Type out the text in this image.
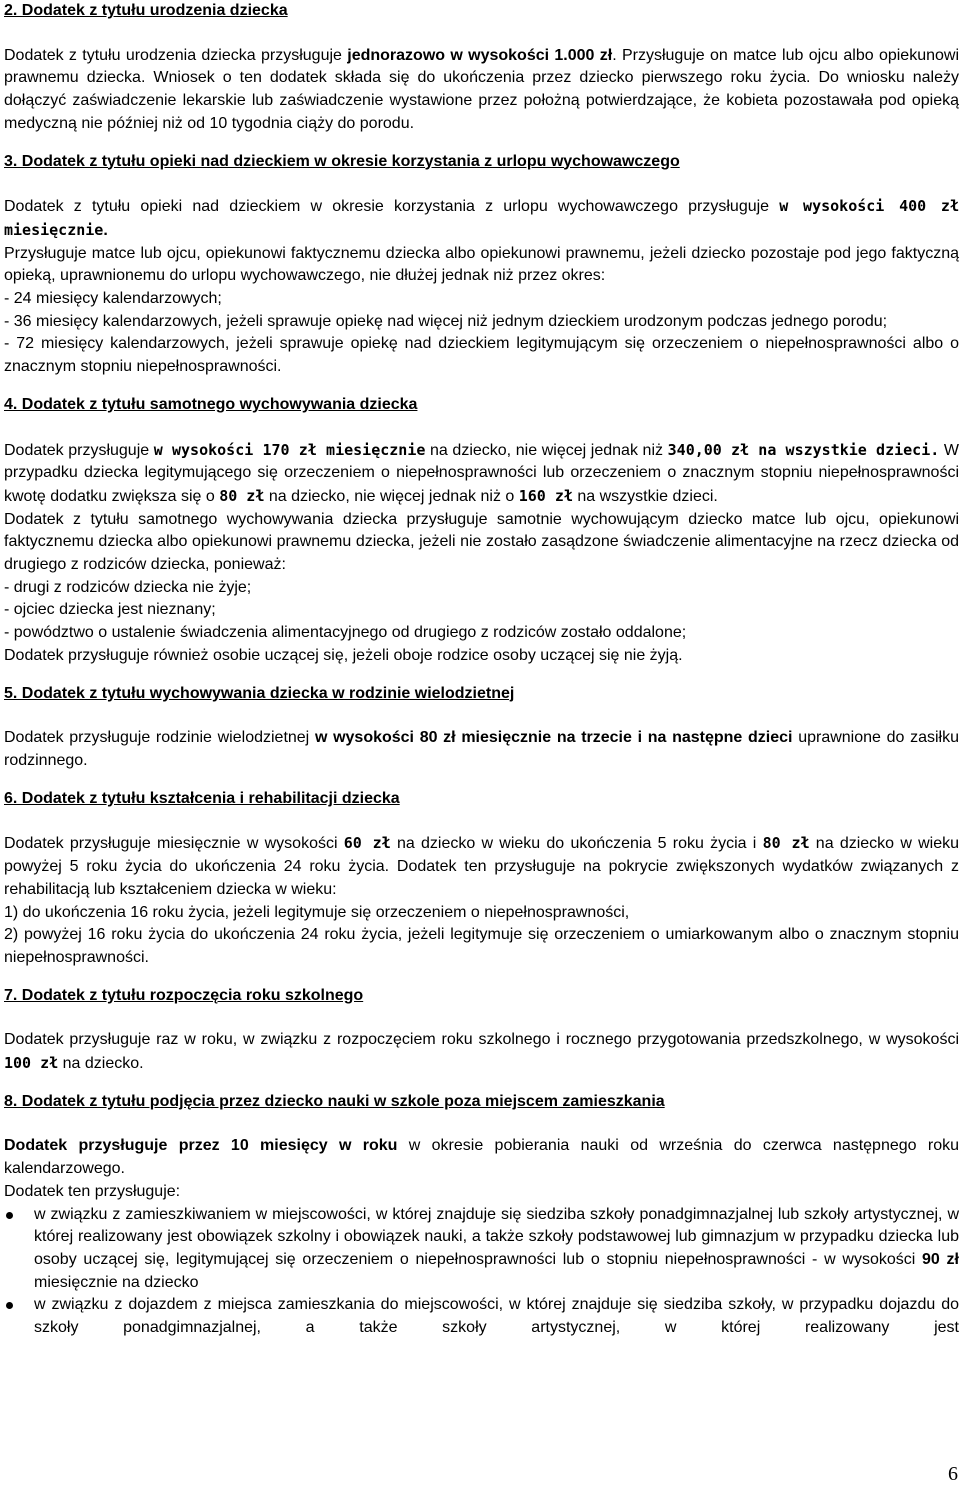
2. Dodatek z tytułu urodzenia dziecka

Dodatek z tytułu urodzenia dziecka przysługuje jednorazowo w wysokości 1.000 zł. Przysługuje on matce lub ojcu albo opiekunowi prawnemu dziecka. Wniosek o ten dodatek składa się do ukończenia przez dziecko pierwszego roku życia. Do wniosku należy dołączyć zaświadczenie lekarskie lub zaświadczenie wystawione przez położną potwierdzające, że kobieta pozostawała pod opieką medyczną nie później niż od 10 tygodnia ciąży do porodu.

3. Dodatek z tytułu opieki nad dzieckiem w okresie korzystania z urlopu wychowawczego

Dodatek z tytułu opieki nad dzieckiem w okresie korzystania z urlopu wychowawczego przysługuje w wysokości 400 zł miesięcznie.

Przysługuje matce lub ojcu, opiekunowi faktycznemu dziecka albo opiekunowi prawnemu, jeżeli dziecko pozostaje pod jego faktyczną opieką, uprawnionemu do urlopu wychowawczego, nie dłużej jednak niż przez okres:

- 24 miesięcy kalendarzowych;

- 36 miesięcy kalendarzowych, jeżeli sprawuje opiekę nad więcej niż jednym dzieckiem urodzonym podczas jednego porodu;

- 72 miesięcy kalendarzowych, jeżeli sprawuje opiekę nad dzieckiem legitymującym się orzeczeniem o niepełnosprawności albo o znacznym stopniu niepełnosprawności.

4. Dodatek z tytułu samotnego wychowywania dziecka

Dodatek przysługuje w wysokości 170 zł miesięcznie na dziecko, nie więcej jednak niż 340,00 zł na wszystkie dzieci. W przypadku dziecka legitymującego się orzeczeniem o niepełnosprawności lub orzeczeniem o znacznym stopniu niepełnosprawności kwotę dodatku zwiększa się o 80 zł na dziecko, nie więcej jednak niż o 160 zł na wszystkie dzieci.

Dodatek z tytułu samotnego wychowywania dziecka przysługuje samotnie wychowującym dziecko matce lub ojcu, opiekunowi faktycznemu dziecka albo opiekunowi prawnemu dziecka, jeżeli nie zostało zasądzone świadczenie alimentacyjne na rzecz dziecka od drugiego z rodziców dziecka, ponieważ:

- drugi z rodziców dziecka nie żyje;

- ojciec dziecka jest nieznany;

- powództwo o ustalenie świadczenia alimentacyjnego od drugiego z rodziców zostało oddalone;

Dodatek przysługuje również osobie uczącej się, jeżeli oboje rodzice osoby uczącej się nie żyją.

5. Dodatek z tytułu wychowywania dziecka w rodzinie wielodzietnej

Dodatek przysługuje rodzinie wielodzietnej w wysokości 80 zł miesięcznie na trzecie i na następne dzieci uprawnione do zasiłku rodzinnego.

6. Dodatek z tytułu kształcenia i rehabilitacji dziecka

Dodatek przysługuje miesięcznie w wysokości 60 zł na dziecko w wieku do ukończenia 5 roku życia i 80 zł na dziecko w wieku powyżej 5 roku życia do ukończenia 24 roku życia. Dodatek ten przysługuje na pokrycie zwiększonych wydatków związanych z rehabilitacją lub kształceniem dziecka w wieku:

1) do ukończenia 16 roku życia, jeżeli legitymuje się orzeczeniem o niepełnosprawności,

2) powyżej 16 roku życia do ukończenia 24 roku życia, jeżeli legitymuje się orzeczeniem o umiarkowanym albo o znacznym stopniu niepełnosprawności.

7. Dodatek z tytułu rozpoczęcia roku szkolnego

Dodatek przysługuje raz w roku, w związku z rozpoczęciem roku szkolnego i rocznego przygotowania przedszkolnego, w wysokości 100 zł na dziecko.

8. Dodatek z tytułu podjęcia przez dziecko nauki w szkole poza miejscem zamieszkania

Dodatek przysługuje przez 10 miesięcy w roku w okresie pobierania nauki od września do czerwca następnego roku kalendarzowego.

Dodatek ten przysługuje:

w związku z zamieszkiwaniem w miejscowości, w której znajduje się siedziba szkoły ponadgimnazjalnej lub szkoły artystycznej, w której realizowany jest obowiązek szkolny i obowiązek nauki, a także szkoły podstawowej lub gimnazjum w przypadku dziecka lub osoby uczącej się, legitymującej się orzeczeniem o niepełnosprawności lub o stopniu niepełnosprawności - w wysokości 90 zł miesięcznie na dziecko

w związku z dojazdem z miejsca zamieszkania do miejscowości, w której znajduje się siedziba szkoły, w przypadku dojazdu do szkoły ponadgimnazjalnej, a także szkoły artystycznej, w której realizowany jest

6
